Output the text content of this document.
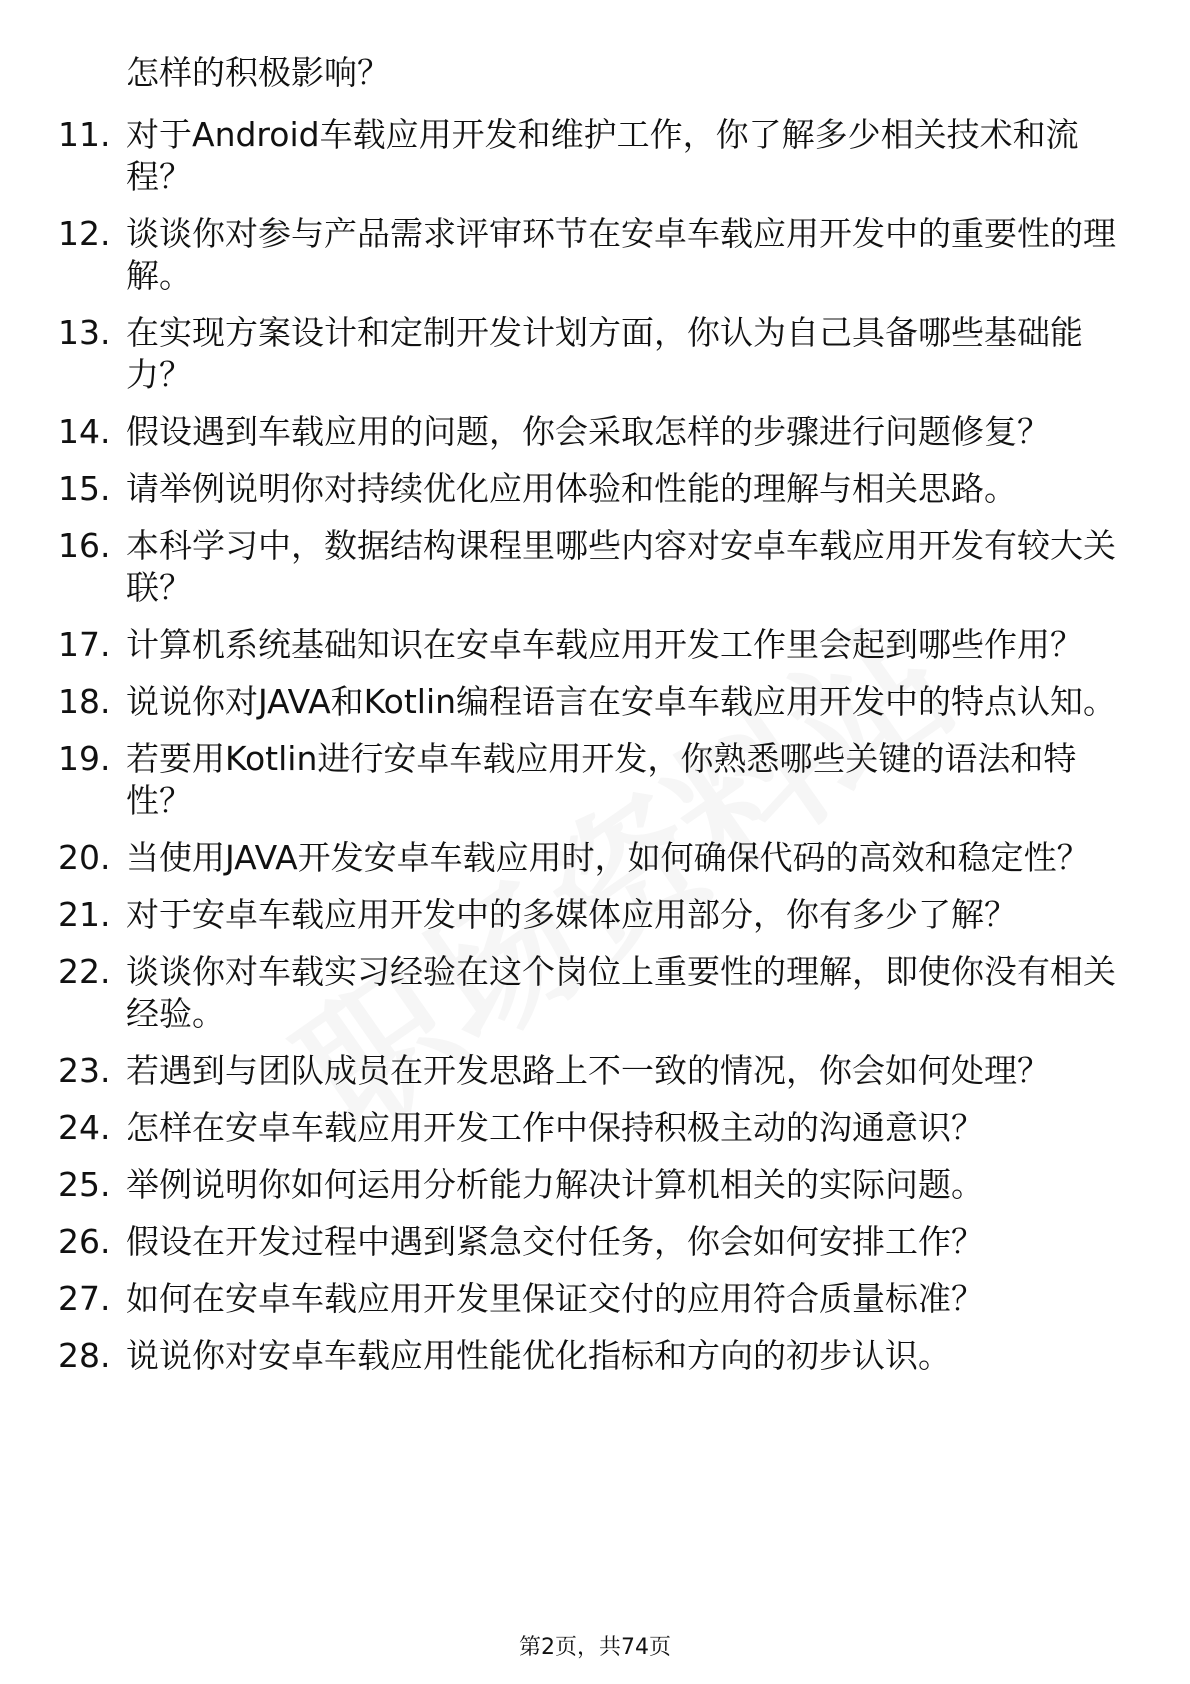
怎样的积极影响？

11. 对于Android车载应用开发和维护工作，你了解多少相关技术和流程？
12. 谈谈你对参与产品需求评审环节在安卓车载应用开发中的重要性的理解。
13. 在实现方案设计和定制开发计划方面，你认为自己具备哪些基础能力？
14. 假设遇到车载应用的问题，你会采取怎样的步骤进行问题修复？
15. 请举例说明你对持续优化应用体验和性能的理解与相关思路。
16. 本科学习中，数据结构课程里哪些内容对安卓车载应用开发有较大关联？
17. 计算机系统基础知识在安卓车载应用开发工作里会起到哪些作用？
18. 说说你对JAVA和Kotlin编程语言在安卓车载应用开发中的特点认知。
19. 若要用Kotlin进行安卓车载应用开发，你熟悉哪些关键的语法和特性？
20. 当使用JAVA开发安卓车载应用时，如何确保代码的高效和稳定性？
21. 对于安卓车载应用开发中的多媒体应用部分，你有多少了解？
22. 谈谈你对车载实习经验在这个岗位上重要性的理解，即使你没有相关经验。
23. 若遇到与团队成员在开发思路上不一致的情况，你会如何处理？
24. 怎样在安卓车载应用开发工作中保持积极主动的沟通意识？
25. 举例说明你如何运用分析能力解决计算机相关的实际问题。
26. 假设在开发过程中遇到紧急交付任务，你会如何安排工作？
27. 如何在安卓车载应用开发里保证交付的应用符合质量标准？
28. 说说你对安卓车载应用性能优化指标和方向的初步认识。
第2页，共74页
